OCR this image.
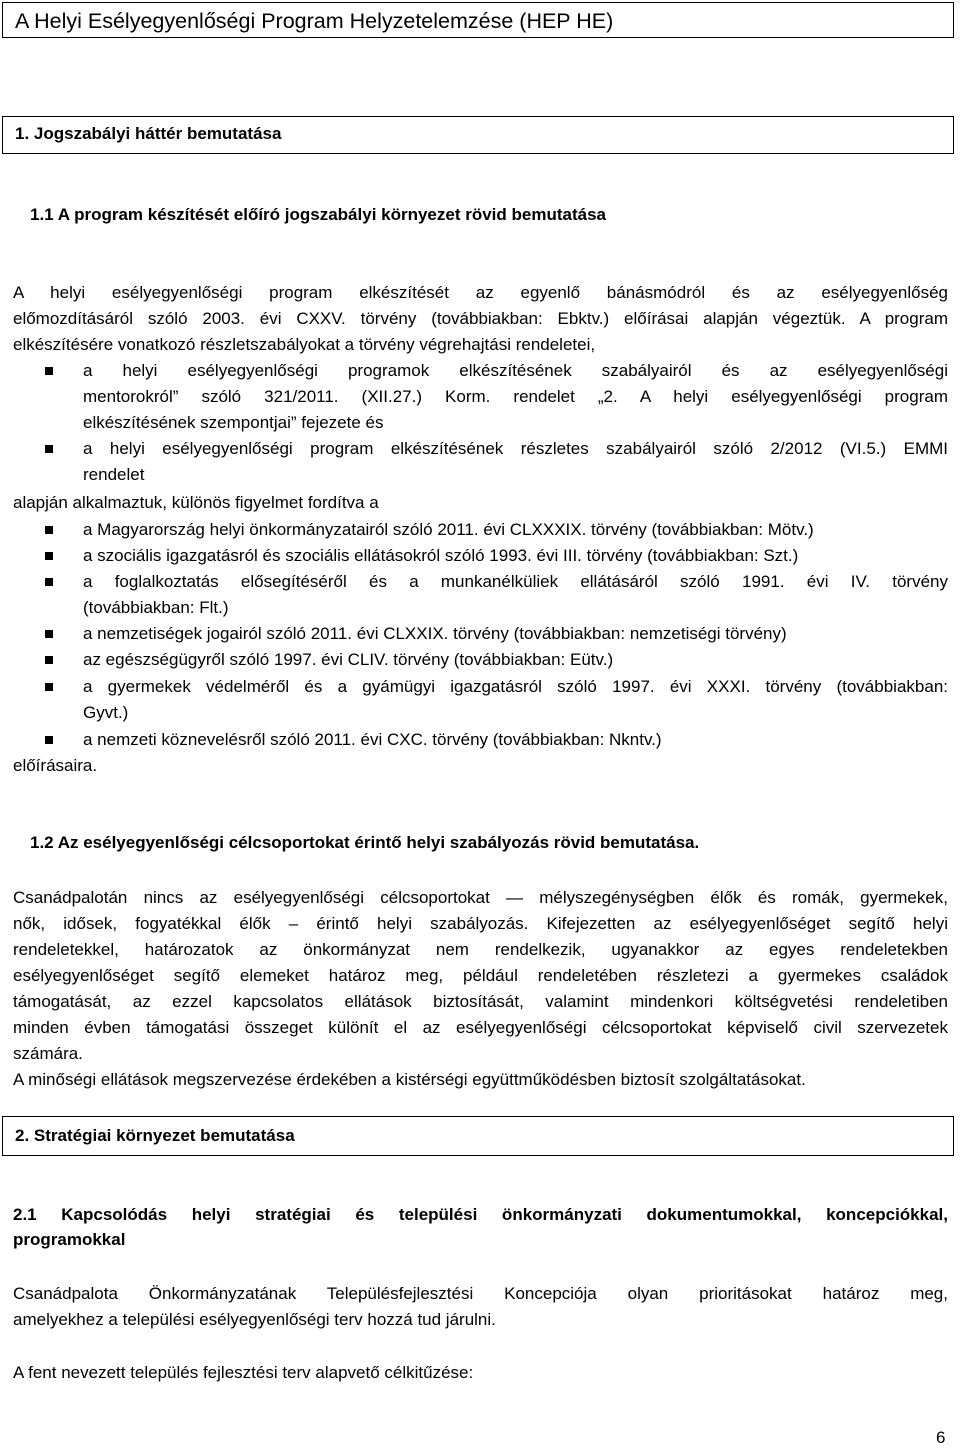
A Helyi Esélyegyenlőségi Program Helyzetelemzése (HEP HE)
1. Jogszabályi háttér bemutatása
1.1 A program készítését előíró jogszabályi környezet rövid bemutatása
A helyi esélyegyenlőségi program elkészítését az egyenlő bánásmódról és az esélyegyenlőség
előmozdításáról szóló 2003. évi CXXV. törvény (továbbiakban: Ebktv.) előírásai alapján végeztük. A program
elkészítésére vonatkozó részletszabályokat a törvény végrehajtási rendeletei,
a helyi esélyegyenlőségi programok elkészítésének szabályairól és az esélyegyenlőségi
mentorokról” szóló 321/2011. (XII.27.) Korm. rendelet „2. A helyi esélyegyenlőségi program
elkészítésének szempontjai” fejezete és
a helyi esélyegyenlőségi program elkészítésének részletes szabályairól szóló 2/2012 (VI.5.) EMMI
rendelet
alapján alkalmaztuk, különös figyelmet fordítva a
a Magyarország helyi önkormányzatairól szóló 2011. évi CLXXXIX. törvény (továbbiakban: Mötv.)
a szociális igazgatásról és szociális ellátásokról szóló 1993. évi III. törvény (továbbiakban: Szt.)
a foglalkoztatás elősegítéséről és a munkanélküliek ellátásáról szóló 1991. évi IV. törvény
(továbbiakban: Flt.)
a nemzetiségek jogairól szóló 2011. évi CLXXIX. törvény (továbbiakban: nemzetiségi törvény)
az egészségügyről szóló 1997. évi CLIV. törvény (továbbiakban: Eütv.)
a gyermekek védelméről és a gyámügyi igazgatásról szóló 1997. évi XXXI. törvény (továbbiakban:
Gyvt.)
a nemzeti köznevelésről szóló 2011. évi CXC. törvény (továbbiakban: Nkntv.)
előírásaira.
1.2 Az esélyegyenlőségi célcsoportokat érintő helyi szabályozás rövid bemutatása.
Csanádpalotán nincs az esélyegyenlőségi célcsoportokat — mélyszegénységben élők és romák, gyermekek,
nők, idősek, fogyatékkal élők – érintő helyi szabályozás. Kifejezetten az esélyegyenlőséget segítő helyi
rendeletekkel, határozatok az önkormányzat nem rendelkezik, ugyanakkor az egyes rendeletekben
esélyegyenlőséget segítő elemeket határoz meg, például rendeletében részletezi a gyermekes családok
támogatását, az ezzel kapcsolatos ellátások biztosítását, valamint mindenkori költségvetési rendeletiben
minden évben támogatási összeget különít el az esélyegyenlőségi célcsoportokat képviselő civil szervezetek
számára.
A minőségi ellátások megszervezése érdekében a kistérségi együttműködésben biztosít szolgáltatásokat.
2. Stratégiai környezet bemutatása
2.1 Kapcsolódás helyi stratégiai és települési önkormányzati dokumentumokkal, koncepciókkal,
programokkal
Csanádpalota Önkormányzatának Településfejlesztési Koncepciója olyan prioritásokat határoz meg,
amelyekhez a települési esélyegyenlőségi terv hozzá tud járulni.
A fent nevezett település fejlesztési terv alapvető célkitűzése:
6
